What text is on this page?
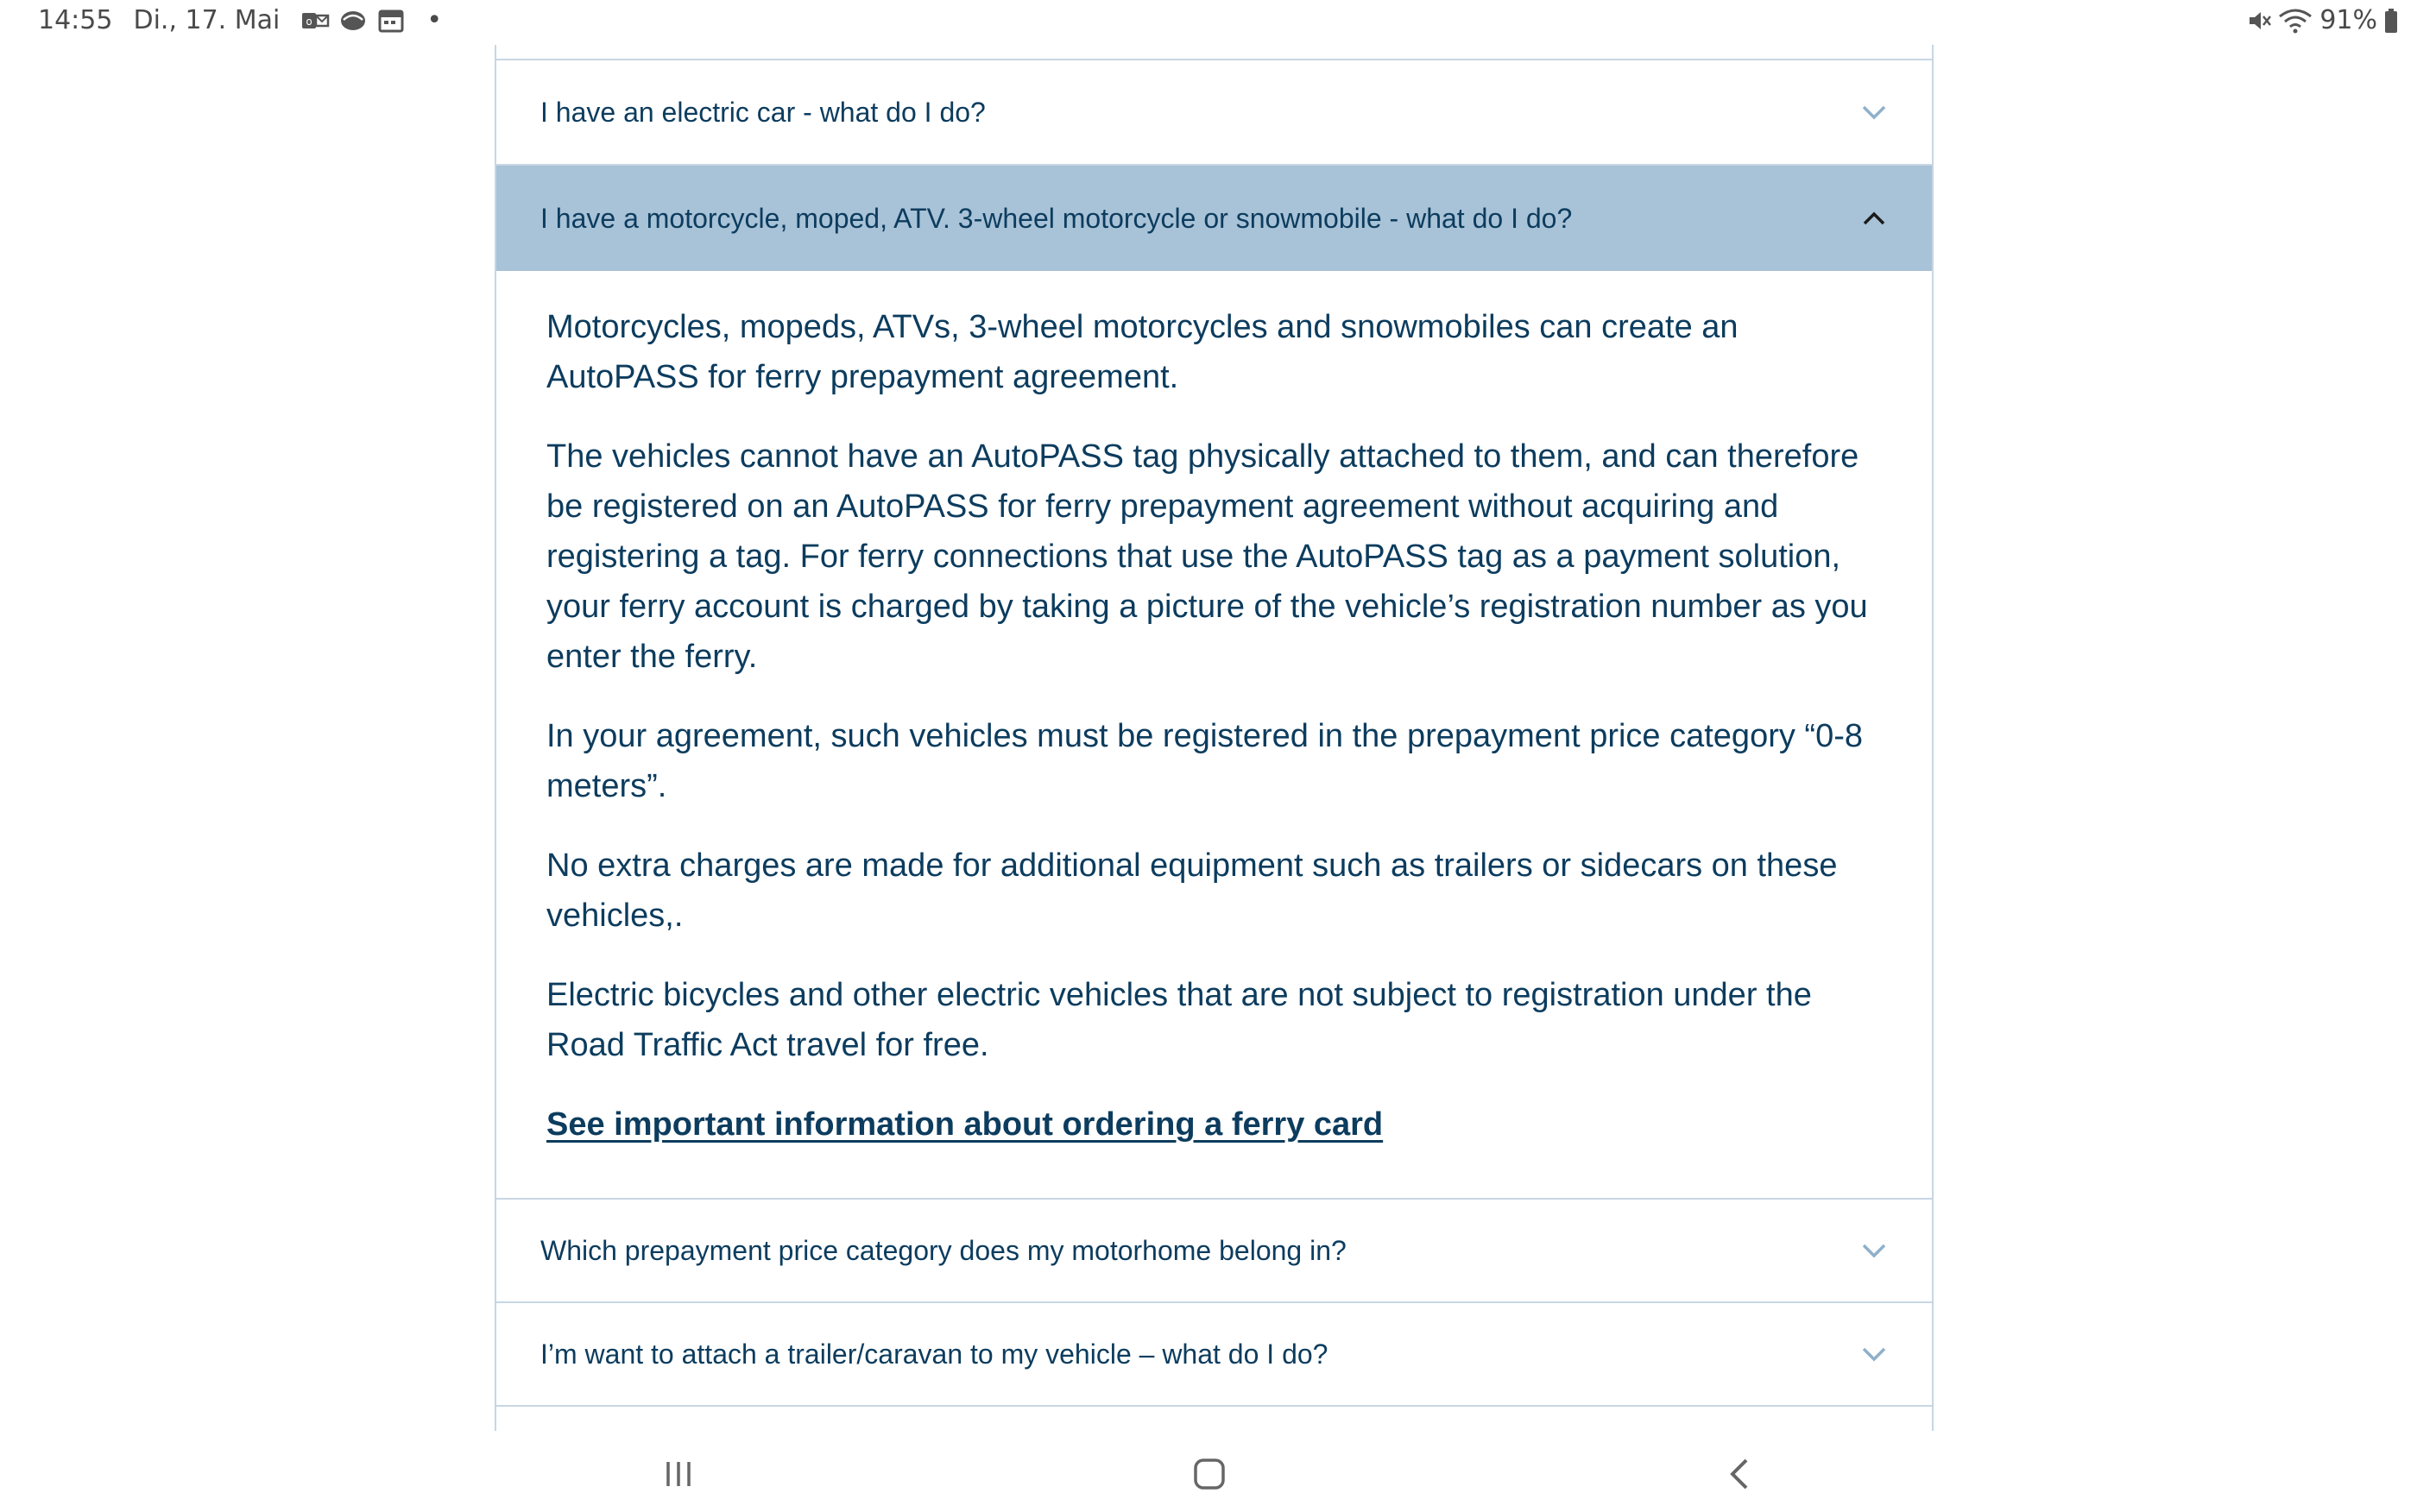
I have an electric car - what do I do?
I have a motorcycle, moped, ATV. 3-wheel motorcycle or snowmobile - what do I do?

Motorcycles, mopeds, ATVs, 3-wheel motorcycles and snowmobiles can create an AutoPASS for ferry prepayment agreement.

The vehicles cannot have an AutoPASS tag physically attached to them, and can therefore be registered on an AutoPASS for ferry prepayment agreement without acquiring and registering a tag. For ferry connections that use the AutoPASS tag as a payment solution, your ferry account is charged by taking a picture of the vehicle’s registration number as you enter the ferry.

In your agreement, such vehicles must be registered in the prepayment price category “0-8 meters”.

No extra charges are made for additional equipment such as trailers or sidecars on these vehicles,.

Electric bicycles and other electric vehicles that are not subject to registration under the Road Traffic Act travel for free.

See important information about ordering a ferry card

Which prepayment price category does my motorhome belong in?
I’m want to attach a trailer/caravan to my vehicle – what do I do?
14:55 Di., 17. Mai	o	•	91%
